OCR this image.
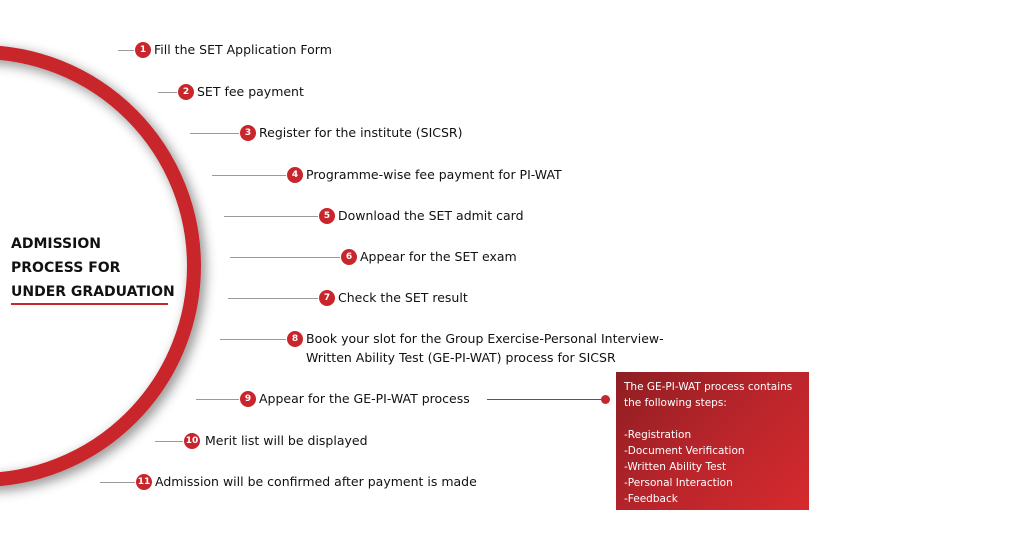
ADMISSION
PROCESS FOR
UNDER GRADUATION
1 Fill the SET Application Form
2 SET fee payment
3 Register for the institute (SICSR)
4 Programme-wise fee payment for PI-WAT
5 Download the SET admit card
6 Appear for the SET exam
7 Check the SET result
8 Book your slot for the Group Exercise-Personal Interview-
Written Ability Test (GE-PI-WAT) process for SICSR
9 Appear for the GE-PI-WAT process
10 Merit list will be displayed
11 Admission will be confirmed after payment is made
The GE-PI-WAT process contains the following steps:
-Registration
-Document Verification
-Written Ability Test
-Personal Interaction
-Feedback
